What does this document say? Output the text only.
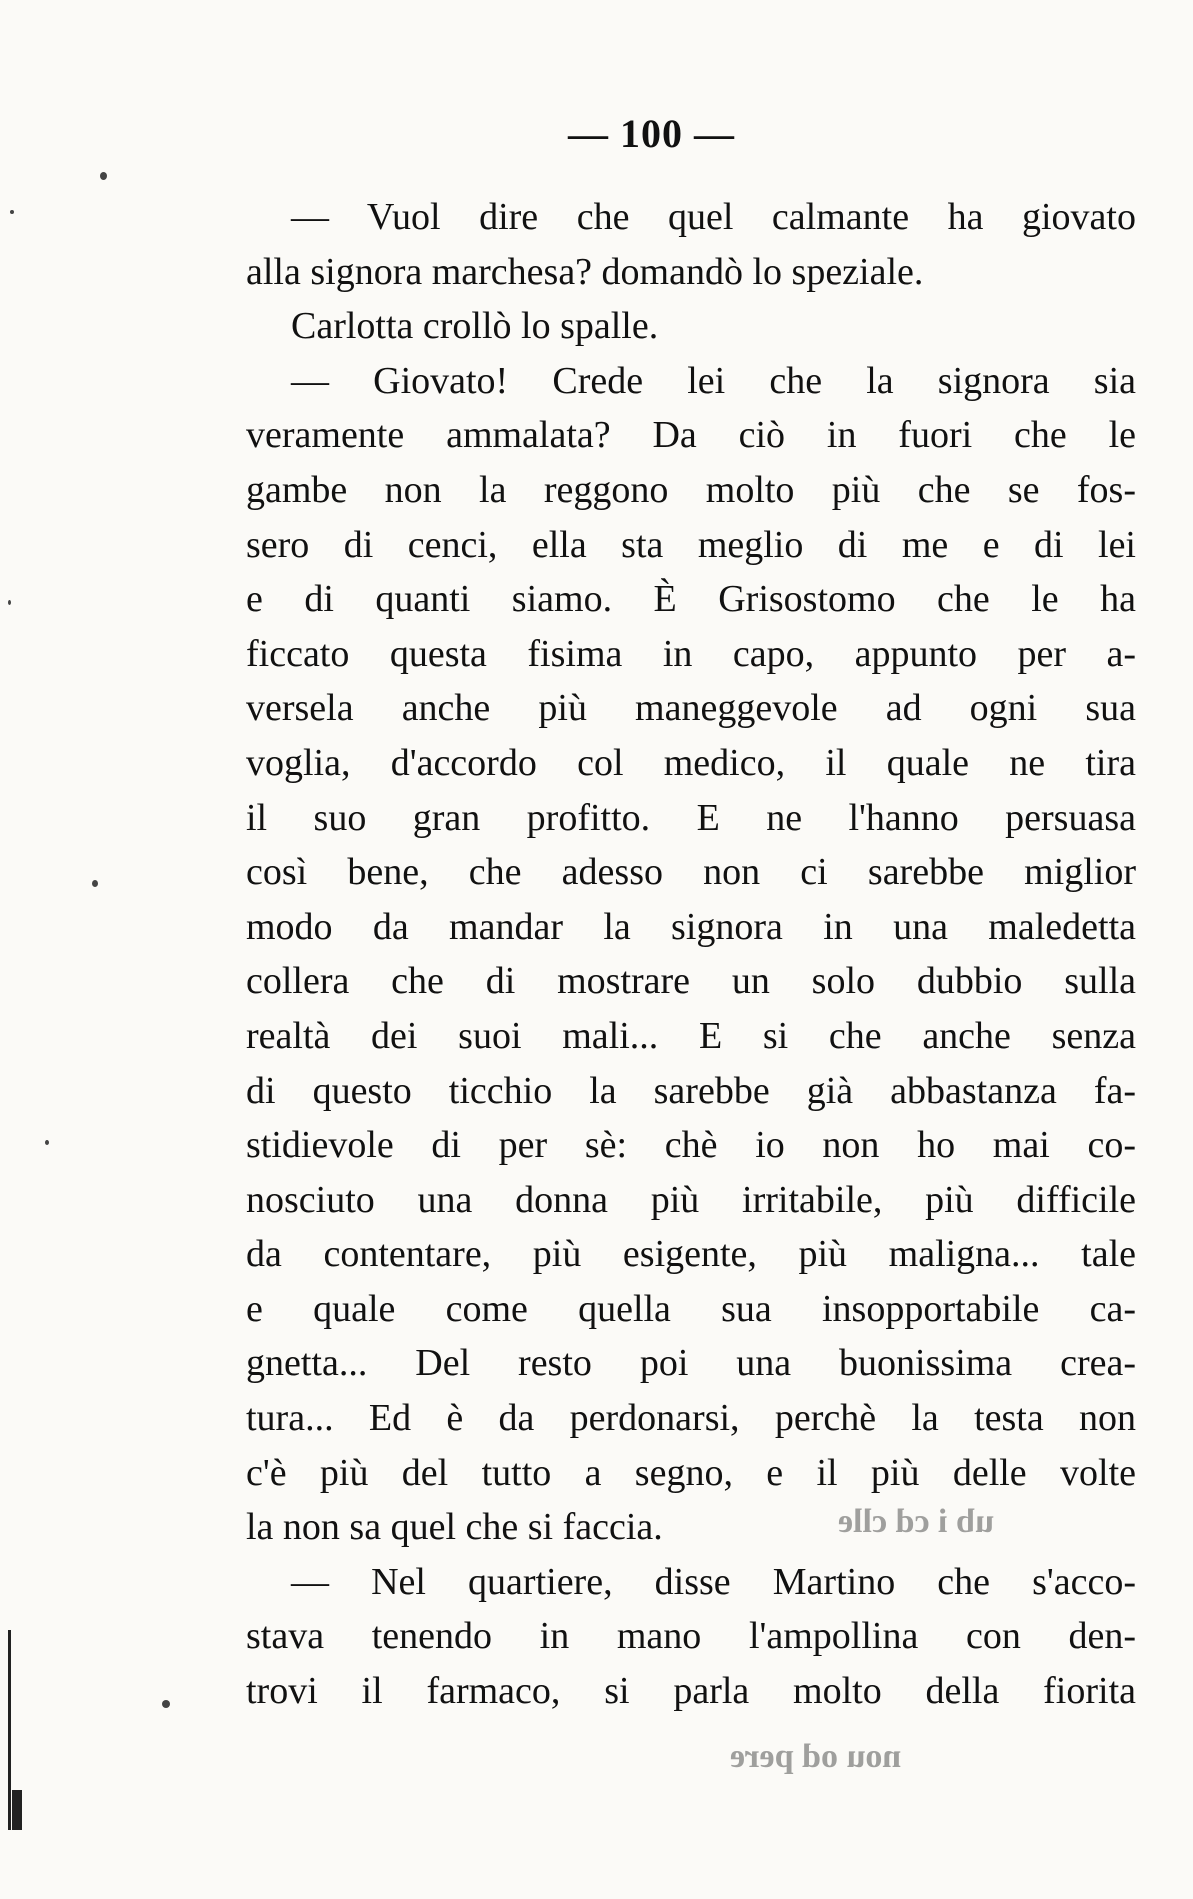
— 100 —
— Vuol dire che quel calmante ha giovato
alla signora marchesa? domandò lo speziale.
Carlotta crollò lo spalle.
— Giovato! Crede lei che la signora sia
veramente ammalata? Da ciò in fuori che le
gambe non la reggono molto più che se fos-
sero di cenci, ella sta meglio di me e di lei
e di quanti siamo. È Grisostomo che le ha
ficcato questa fisima in capo, appunto per a-
versela anche più maneggevole ad ogni sua
voglia, d'accordo col medico, il quale ne tira
il suo gran profitto. E ne l'hanno persuasa
così bene, che adesso non ci sarebbe miglior
modo da mandar la signora in una maledetta
collera che di mostrare un solo dubbio sulla
realtà dei suoi mali... E si che anche senza
di questo ticchio la sarebbe già abbastanza fa-
stidievole di per sè: chè io non ho mai co-
nosciuto una donna più irritabile, più difficile
da contentare, più esigente, più maligna... tale
e quale come quella sua insopportabile ca-
gnetta... Del resto poi una buonissima crea-
tura... Ed è da perdonarsi, perchè la testa non
c'è più del tutto a segno, e il più delle volte
la non sa quel che si faccia.
— Nel quartiere, disse Martino che s'acco-
stava tenendo in mano l'ampollina con den-
trovi il farmaco, si parla molto della fiorita
ub i cd clle
nou od pere
